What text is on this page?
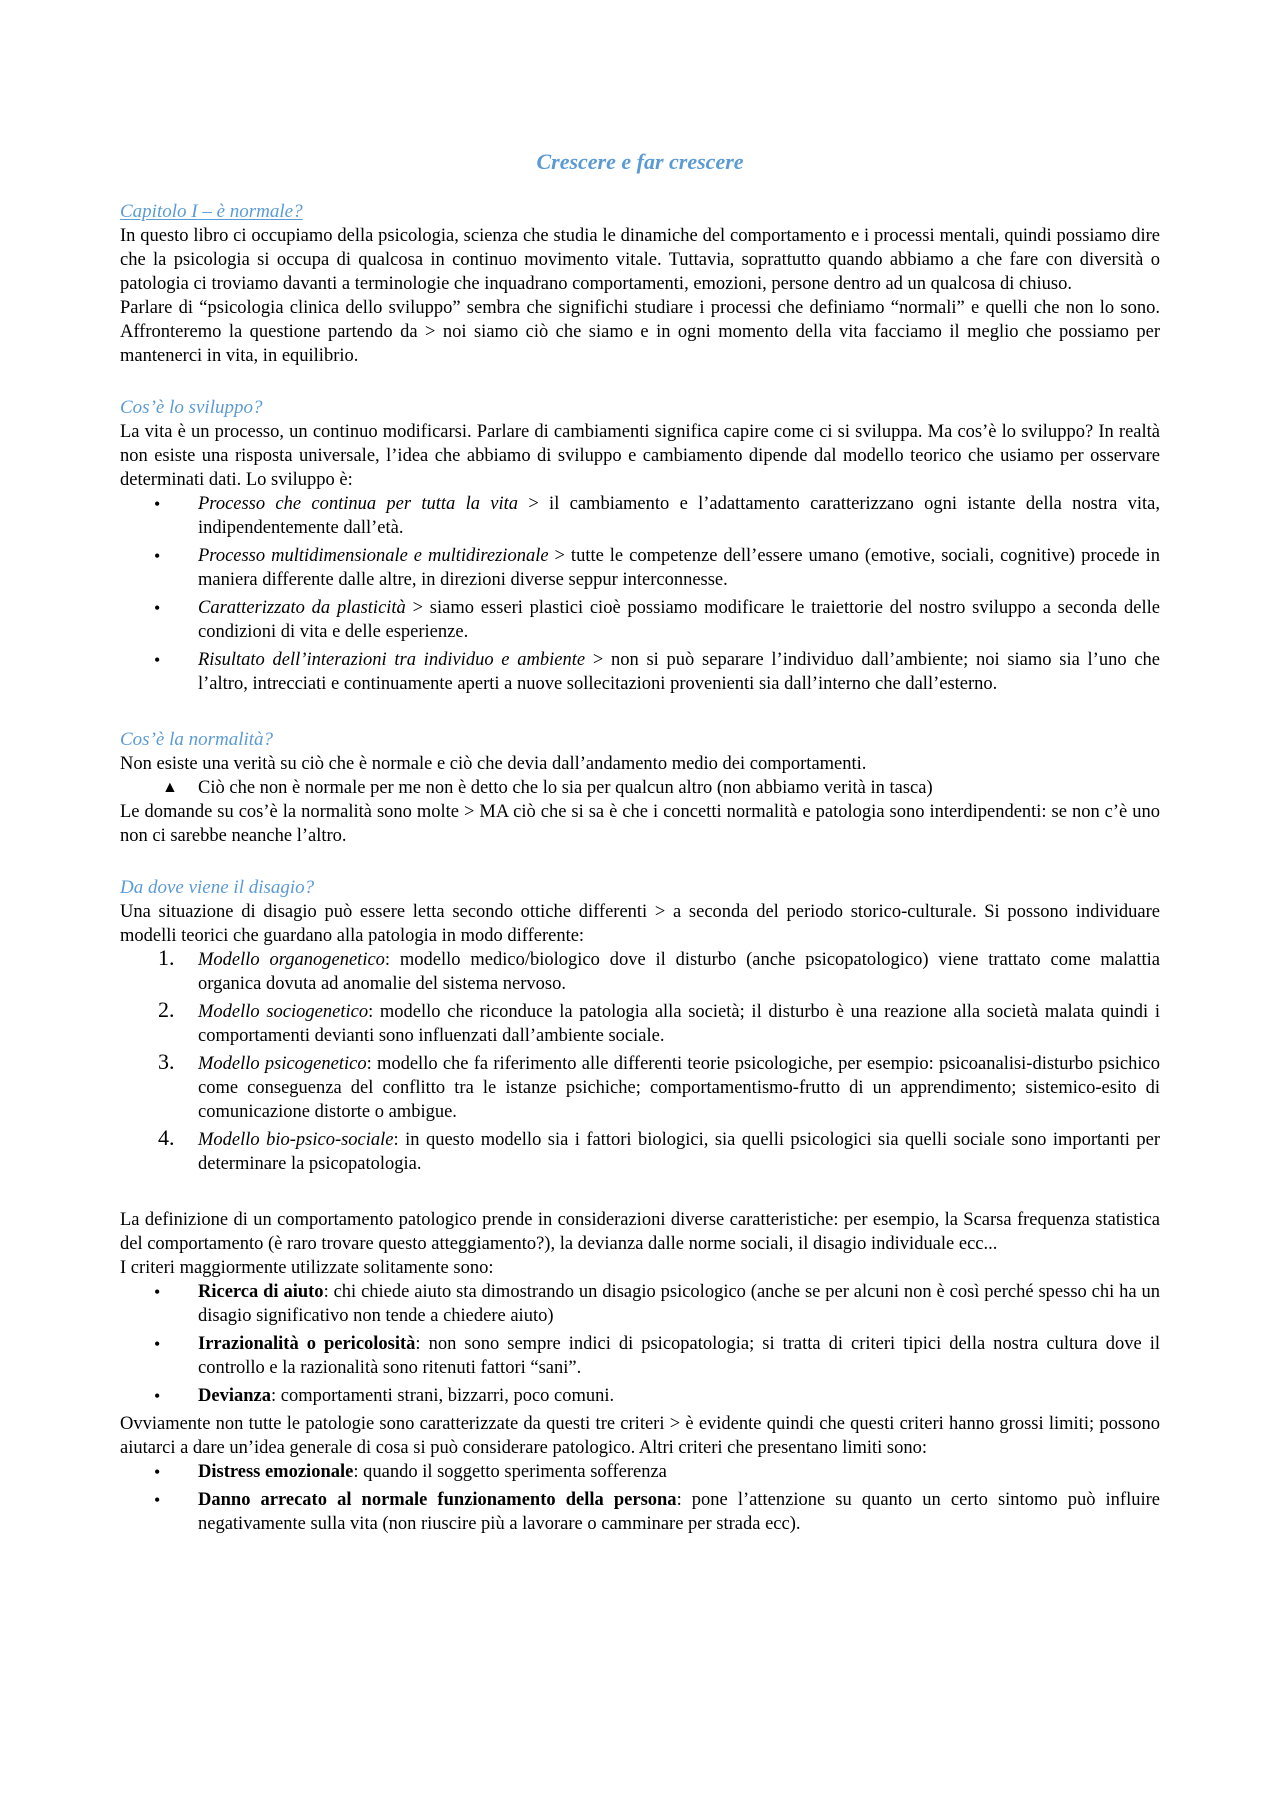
Crescere e far crescere
Capitolo I – è normale?
In questo libro ci occupiamo della psicologia, scienza che studia le dinamiche del comportamento e i processi mentali, quindi possiamo dire che la psicologia si occupa di qualcosa in continuo movimento vitale. Tuttavia, soprattutto quando abbiamo a che fare con diversità o patologia ci troviamo davanti a terminologie che inquadrano comportamenti, emozioni, persone dentro ad un qualcosa di chiuso.
Parlare di “psicologia clinica dello sviluppo” sembra che significhi studiare i processi che definiamo “normali” e quelli che non lo sono. Affronteremo la questione partendo da > noi siamo ciò che siamo e in ogni momento della vita facciamo il meglio che possiamo per mantenerci in vita, in equilibrio.
Cos’è lo sviluppo?
La vita è un processo, un continuo modificarsi. Parlare di cambiamenti significa capire come ci si sviluppa. Ma cos’è lo sviluppo? In realtà non esiste una risposta universale, l’idea che abbiamo di sviluppo e cambiamento dipende dal modello teorico che usiamo per osservare determinati dati. Lo sviluppo è:
• Processo che continua per tutta la vita > il cambiamento e l’adattamento caratterizzano ogni istante della nostra vita, indipendentemente dall’età.
• Processo multidimensionale e multidirezionale > tutte le competenze dell’essere umano (emotive, sociali, cognitive) procede in maniera differente dalle altre, in direzioni diverse seppur interconnesse.
• Caratterizzato da plasticità > siamo esseri plastici cioè possiamo modificare le traiettorie del nostro sviluppo a seconda delle condizioni di vita e delle esperienze.
• Risultato dell’interazioni tra individuo e ambiente > non si può separare l’individuo dall’ambiente; noi siamo sia l’uno che l’altro, intrecciati e continuamente aperti a nuove sollecitazioni provenienti sia dall’interno che dall’esterno.
Cos’è la normalità?
Non esiste una verità su ciò che è normale e ciò che devia dall’andamento medio dei comportamenti.
▲ Ciò che non è normale per me non è detto che lo sia per qualcun altro (non abbiamo verità in tasca)
Le domande su cos’è la normalità sono molte > MA ciò che si sa è che i concetti normalità e patologia sono interdipendenti: se non c’è uno non ci sarebbe neanche l’altro.
Da dove viene il disagio?
Una situazione di disagio può essere letta secondo ottiche differenti > a seconda del periodo storico-culturale. Si possono individuare modelli teorici che guardano alla patologia in modo differente:
1. Modello organogenetico: modello medico/biologico dove il disturbo (anche psicopatologico) viene trattato come malattia organica dovuta ad anomalie del sistema nervoso.
2. Modello sociogenetico: modello che riconduce la patologia alla società; il disturbo è una reazione alla società malata quindi i comportamenti devianti sono influenzati dall’ambiente sociale.
3. Modello psicogenetico: modello che fa riferimento alle differenti teorie psicologiche, per esempio: psicoanalisi-disturbo psichico come conseguenza del conflitto tra le istanze psichiche; comportamentismo-frutto di un apprendimento; sistemico-esito di comunicazione distorte o ambigue.
4. Modello bio-psico-sociale: in questo modello sia i fattori biologici, sia quelli psicologici sia quelli sociale sono importanti per determinare la psicopatologia.
La definizione di un comportamento patologico prende in considerazioni diverse caratteristiche: per esempio, la Scarsa frequenza statistica del comportamento (è raro trovare questo atteggiamento?), la devianza dalle norme sociali, il disagio individuale ecc...
I criteri maggiormente utilizzate solitamente sono:
• Ricerca di aiuto: chi chiede aiuto sta dimostrando un disagio psicologico (anche se per alcuni non è così perché spesso chi ha un disagio significativo non tende a chiedere aiuto)
• Irrazionalità o pericolosità: non sono sempre indici di psicopatologia; si tratta di criteri tipici della nostra cultura dove il controllo e la razionalità sono ritenuti fattori “sani”.
• Devianza: comportamenti strani, bizzarri, poco comuni.
Ovviamente non tutte le patologie sono caratterizzate da questi tre criteri > è evidente quindi che questi criteri hanno grossi limiti; possono aiutarci a dare un’idea generale di cosa si può considerare patologico. Altri criteri che presentano limiti sono:
• Distress emozionale: quando il soggetto sperimenta sofferenza
• Danno arrecato al normale funzionamento della persona: pone l’attenzione su quanto un certo sintomo può influire negativamente sulla vita (non riuscire più a lavorare o camminare per strada ecc).
